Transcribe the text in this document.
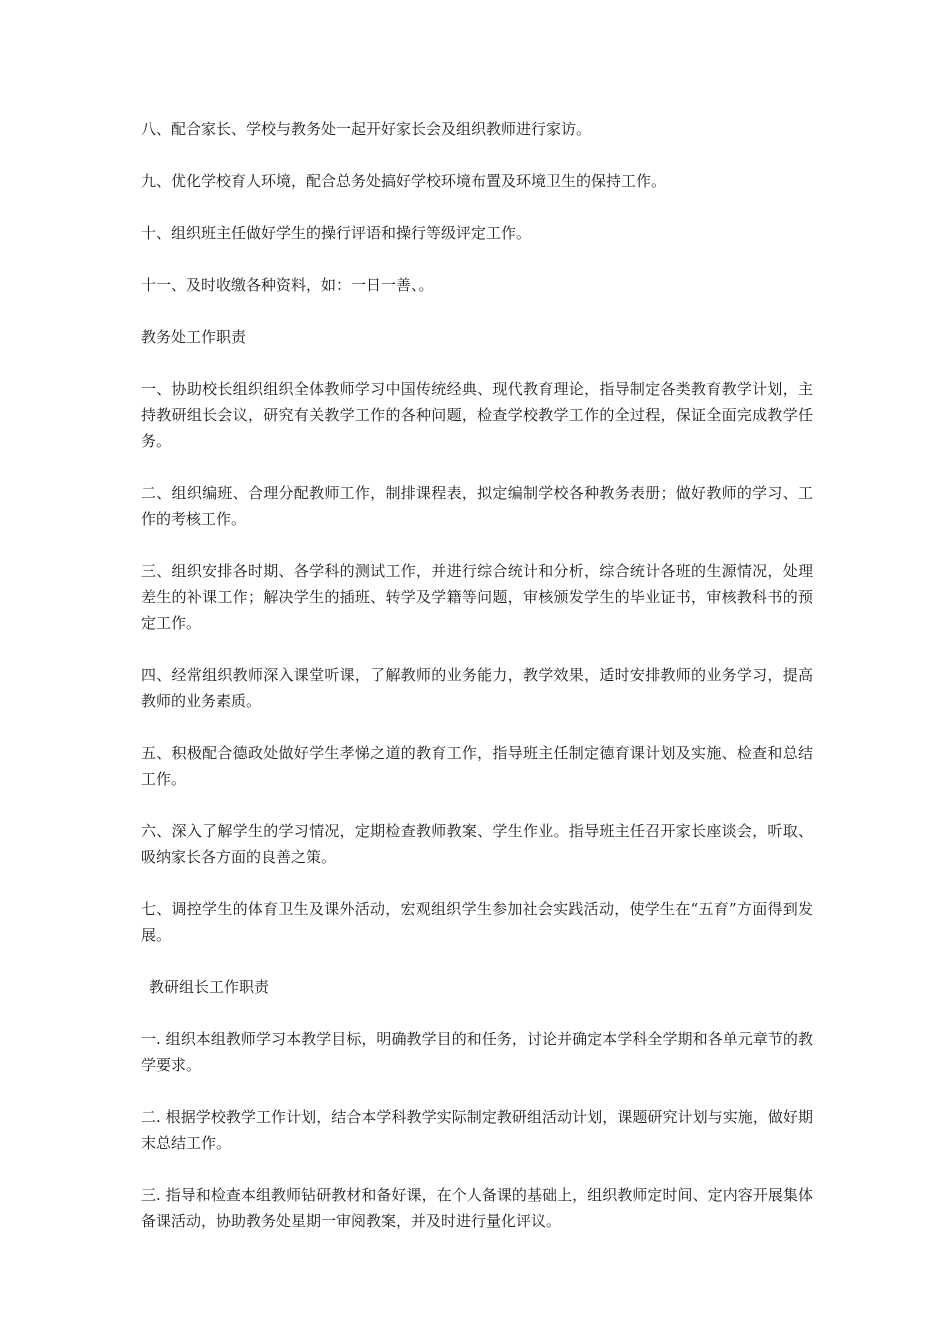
八、配合家长、学校与教务处一起开好家长会及组织教师进行家访。

九、优化学校育人环境，配合总务处搞好学校环境布置及环境卫生的保持工作。

十、组织班主任做好学生的操行评语和操行等级评定工作。

十一、及时收缴各种资料，如：一日一善、。

教务处工作职责

一、协助校长组织组织全体教师学习中国传统经典、现代教育理论，指导制定各类教育教学计划，主持教研组长会议，研究有关教学工作的各种问题，检查学校教学工作的全过程，保证全面完成教学任务。

二、组织编班、合理分配教师工作，制排课程表，拟定编制学校各种教务表册；做好教师的学习、工作的考核工作。

三、组织安排各时期、各学科的测试工作，并进行综合统计和分析，综合统计各班的生源情况，处理差生的补课工作；解决学生的插班、转学及学籍等问题，审核颁发学生的毕业证书，审核教科书的预定工作。

四、经常组织教师深入课堂听课，了解教师的业务能力，教学效果，适时安排教师的业务学习，提高教师的业务素质。

五、积极配合德政处做好学生孝悌之道的教育工作，指导班主任制定德育课计划及实施、检查和总结工作。

六、深入了解学生的学习情况，定期检查教师教案、学生作业。指导班主任召开家长座谈会，听取、吸纳家长各方面的良善之策。

七、调控学生的体育卫生及课外活动，宏观组织学生参加社会实践活动，使学生在“五育”方面得到发展。

教研组长工作职责

一. 组织本组教师学习本教学目标，明确教学目的和任务，讨论并确定本学科全学期和各单元章节的教学要求。

二. 根据学校教学工作计划，结合本学科教学实际制定教研组活动计划，课题研究计划与实施，做好期末总结工作。

三. 指导和检查本组教师钻研教材和备好课，在个人备课的基础上，组织教师定时间、定内容开展集体备课活动，协助教务处星期一审阅教案，并及时进行量化评议。
